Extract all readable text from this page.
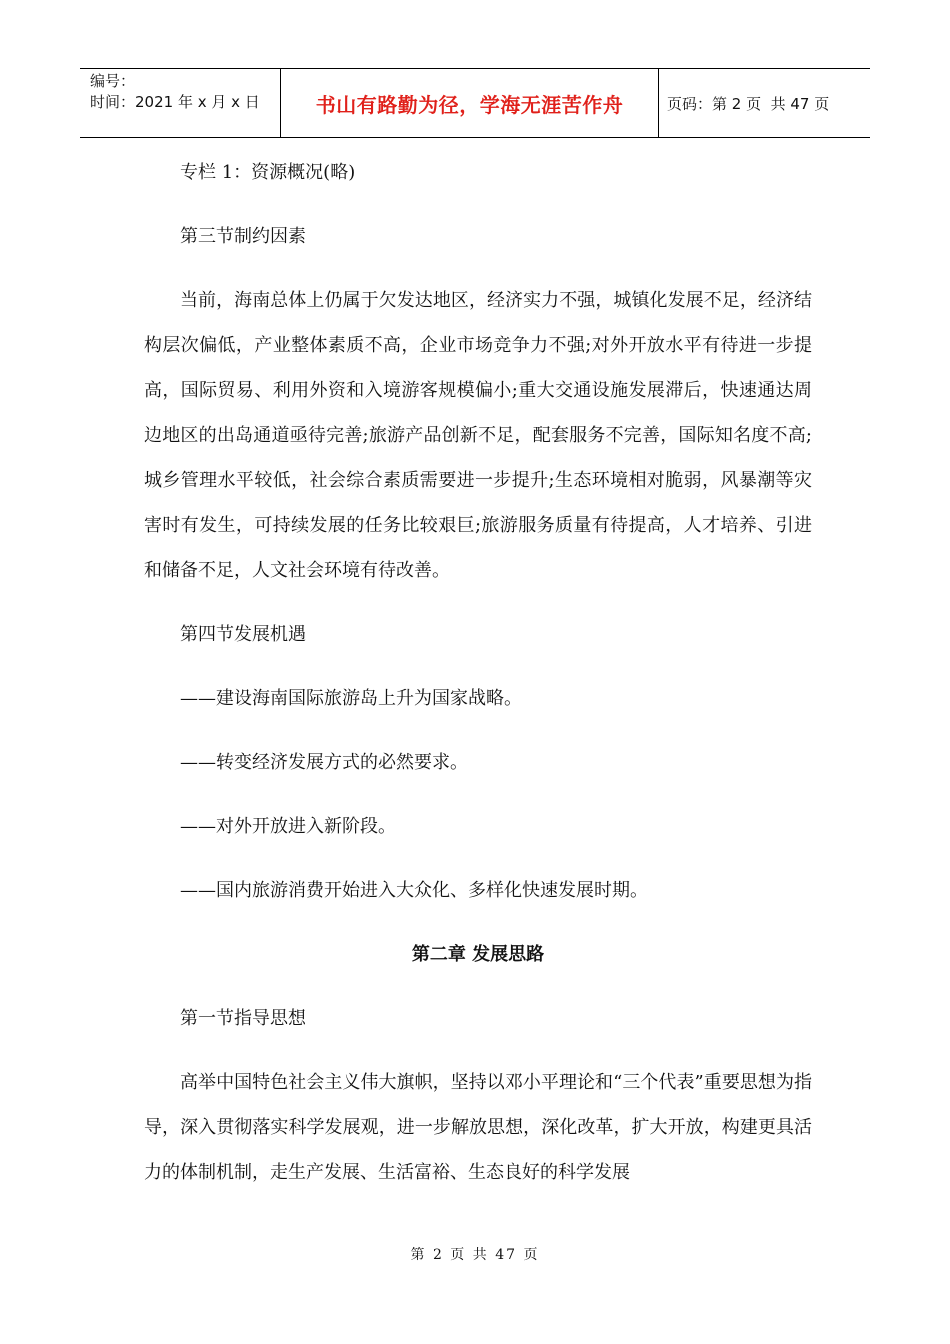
编号：
时间：2021 年 x 月 x 日	书山有路勤为径，学海无涯苦作舟	页码：第 2 页  共 47 页

专栏 1：资源概况(略)

第三节制约因素

当前，海南总体上仍属于欠发达地区，经济实力不强，城镇化发展不足，经济结构层次偏低，产业整体素质不高，企业市场竞争力不强;对外开放水平有待进一步提高，国际贸易、利用外资和入境游客规模偏小;重大交通设施发展滞后，快速通达周边地区的出岛通道亟待完善;旅游产品创新不足，配套服务不完善，国际知名度不高;城乡管理水平较低，社会综合素质需要进一步提升;生态环境相对脆弱，风暴潮等灾害时有发生，可持续发展的任务比较艰巨;旅游服务质量有待提高，人才培养、引进和储备不足，人文社会环境有待改善。

第四节发展机遇

——建设海南国际旅游岛上升为国家战略。

——转变经济发展方式的必然要求。

——对外开放进入新阶段。

——国内旅游消费开始进入大众化、多样化快速发展时期。

第二章 发展思路

第一节指导思想

高举中国特色社会主义伟大旗帜，坚持以邓小平理论和“三个代表”重要思想为指导，深入贯彻落实科学发展观，进一步解放思想，深化改革，扩大开放，构建更具活力的体制机制，走生产发展、生活富裕、生态良好的科学发展

第 2 页 共 47 页
